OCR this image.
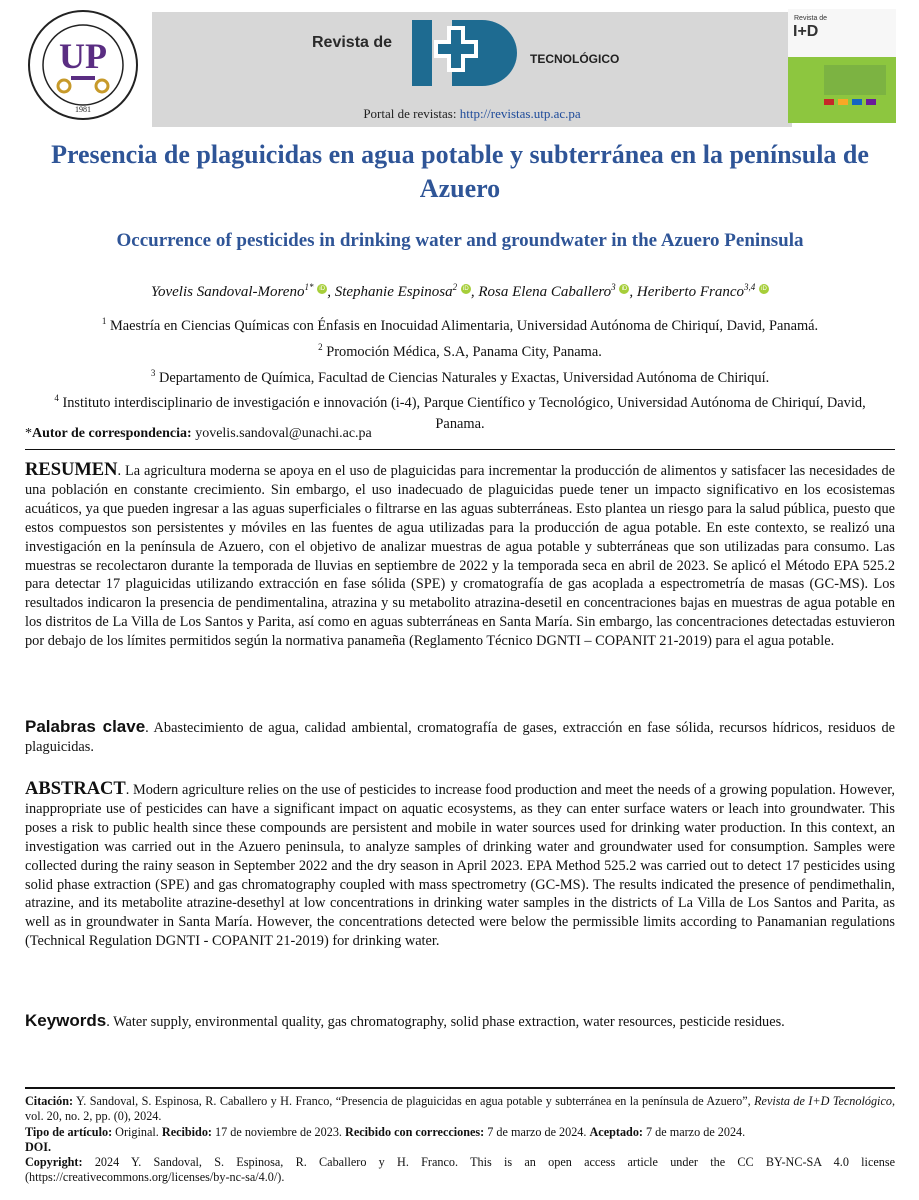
UP
1981
Revista de
TECNOLÓGICO
Portal de revistas: http://revistas.utp.ac.pa
Revista de
I+D
Presencia de plaguicidas en agua potable y subterránea en la península de Azuero
Occurrence of pesticides in drinking water and groundwater in the Azuero Peninsula
Yovelis Sandoval-Moreno$^{1*}$ iD , Stephanie Espinosa$^2$ iD , Rosa Elena Caballero$^3$ iD , Heriberto Franco$^{3,4}$ iD
$^1$ Maestría en Ciencias Químicas con Énfasis en Inocuidad Alimentaria, Universidad Autónoma de Chiriquí, David, Panamá.
$^2$ Promoción Médica, S.A, Panama City, Panama.
$^3$ Departamento de Química, Facultad de Ciencias Naturales y Exactas, Universidad Autónoma de Chiriquí.
$^4$ Instituto interdisciplinario de investigación e innovación (i-4), Parque Científico y Tecnológico, Universidad Autónoma de Chiriquí, David, Panama.
*Autor de correspondencia: yovelis.sandoval@unachi.ac.pa
RESUMEN. La agricultura moderna se apoya en el uso de plaguicidas para incrementar la producción de alimentos y satisfacer las necesidades de una población en constante crecimiento. Sin embargo, el uso inadecuado de plaguicidas puede tener un impacto significativo en los ecosistemas acuáticos, ya que pueden ingresar a las aguas superficiales o filtrarse en las aguas subterráneas. Esto plantea un riesgo para la salud pública, puesto que estos compuestos son persistentes y móviles en las fuentes de agua utilizadas para la producción de agua potable. En este contexto, se realizó una investigación en la península de Azuero, con el objetivo de analizar muestras de agua potable y subterráneas que son utilizadas para consumo. Las muestras se recolectaron durante la temporada de lluvias en septiembre de 2022 y la temporada seca en abril de 2023. Se aplicó el Método EPA 525.2 para detectar 17 plaguicidas utilizando extracción en fase sólida (SPE) y cromatografía de gas acoplada a espectrometría de masas (GC-MS). Los resultados indicaron la presencia de pendimentalina, atrazina y su metabolito atrazina-desetil en concentraciones bajas en muestras de agua potable en los distritos de La Villa de Los Santos y Parita, así como en aguas subterráneas en Santa María. Sin embargo, las concentraciones detectadas estuvieron por debajo de los límites permitidos según la normativa panameña (Reglamento Técnico DGNTI – COPANIT 21-2019) para el agua potable.
Palabras clave. Abastecimiento de agua, calidad ambiental, cromatografía de gases, extracción en fase sólida, recursos hídricos, residuos de plaguicidas.
ABSTRACT. Modern agriculture relies on the use of pesticides to increase food production and meet the needs of a growing population. However, inappropriate use of pesticides can have a significant impact on aquatic ecosystems, as they can enter surface waters or leach into groundwater. This poses a risk to public health since these compounds are persistent and mobile in water sources used for drinking water production. In this context, an investigation was carried out in the Azuero peninsula, to analyze samples of drinking water and groundwater used for consumption. Samples were collected during the rainy season in September 2022 and the dry season in April 2023. EPA Method 525.2 was carried out to detect 17 pesticides using solid phase extraction (SPE) and gas chromatography coupled with mass spectrometry (GC-MS). The results indicated the presence of pendimethalin, atrazine, and its metabolite atrazine-desethyl at low concentrations in drinking water samples in the districts of La Villa de Los Santos and Parita, as well as in groundwater in Santa María. However, the concentrations detected were below the permissible limits according to Panamanian regulations (Technical Regulation DGNTI - COPANIT 21-2019) for drinking water.
Keywords. Water supply, environmental quality, gas chromatography, solid phase extraction, water resources, pesticide residues.

Citación: Y. Sandoval, S. Espinosa, R. Caballero y H. Franco, “Presencia de plaguicidas en agua potable y subterránea en la península de Azuero”, Revista de I+D Tecnológico, vol. 20, no. 2, pp. (0), 2024.

Tipo de artículo: Original. Recibido: 17 de noviembre de 2023. Recibido con correcciones: 7 de marzo de 2024. Aceptado: 7 de marzo de 2024.

DOI.

Copyright: 2024 Y. Sandoval, S. Espinosa, R. Caballero y H. Franco. This is an open access article under the CC BY-NC-SA 4.0 license (https://creativecommons.org/licenses/by-nc-sa/4.0/).
